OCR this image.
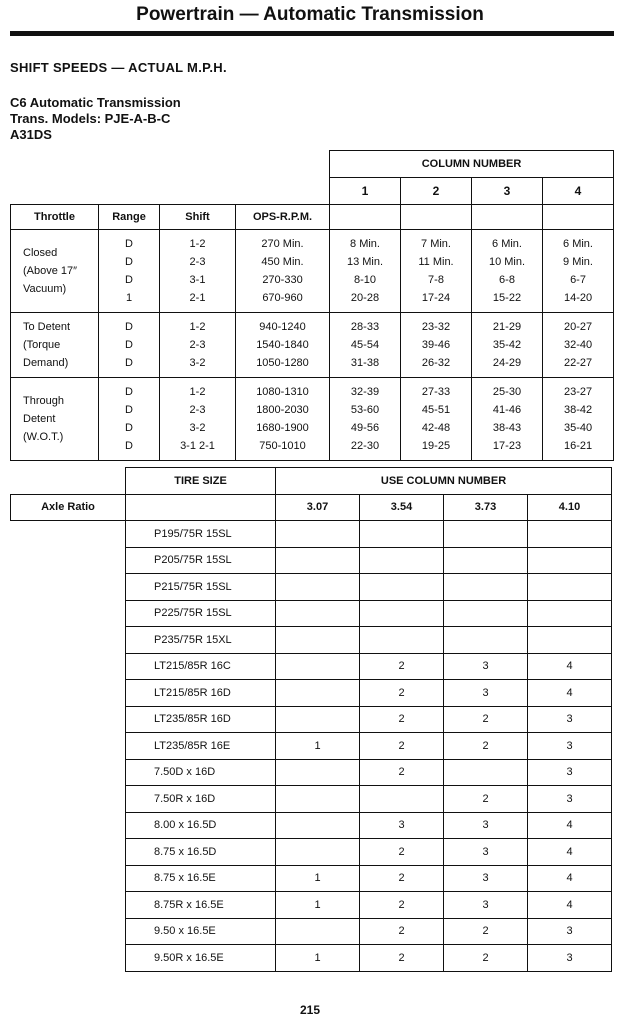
Powertrain — Automatic Transmission
SHIFT SPEEDS — ACTUAL M.P.H.
C6 Automatic Transmission
Trans. Models: PJE-A-B-C
A31DS
				COLUMN NUMBER			
				1	2	3	4
Throttle	Range	Shift	OPS-R.P.M.				

Closed
(Above 17″
Vacuum)	D
D
D
1	1-2
2-3
3-1
2-1	270 Min.
450 Min.
270-330
670-960	8 Min.
13 Min.
8-10
20-28	7 Min.
11 Min.
7-8
17-24	6 Min.
10 Min.
6-8
15-22	6 Min.
9 Min.
6-7
14-20

To Detent
(Torque
Demand)	D
D
D	1-2
2-3
3-2	940-1240
1540-1840
1050-1280	28-33
45-54
31-38	23-32
39-46
26-32	21-29
35-42
24-29	20-27
32-40
22-27

Through
Detent
(W.O.T.)	D
D
D
D	1-2
2-3
3-2
3-1 2-1	1080-1310
1800-2030
1680-1900
750-1010	32-39
53-60
49-56
22-30	27-33
45-51
42-48
19-25	25-30
41-46
38-43
17-23	23-27
38-42
35-40
16-21
	TIRE SIZE	USE COLUMN NUMBER			
Axle Ratio		3.07	3.54	3.73	4.10
	P195/75R 15SL				
	P205/75R 15SL				
	P215/75R 15SL				
	P225/75R 15SL				
	P235/75R 15XL				
	LT215/85R 16C		2	3	4
	LT215/85R 16D		2	3	4
	LT235/85R 16D		2	2	3
	LT235/85R 16E	1	2	2	3
	7.50D x 16D		2		3
	7.50R x 16D			2	3
	8.00 x 16.5D		3	3	4
	8.75 x 16.5D		2	3	4
	8.75 x 16.5E	1	2	3	4
	8.75R x 16.5E	1	2	3	4
	9.50 x 16.5E		2	2	3
	9.50R x 16.5E	1	2	2	3
215
